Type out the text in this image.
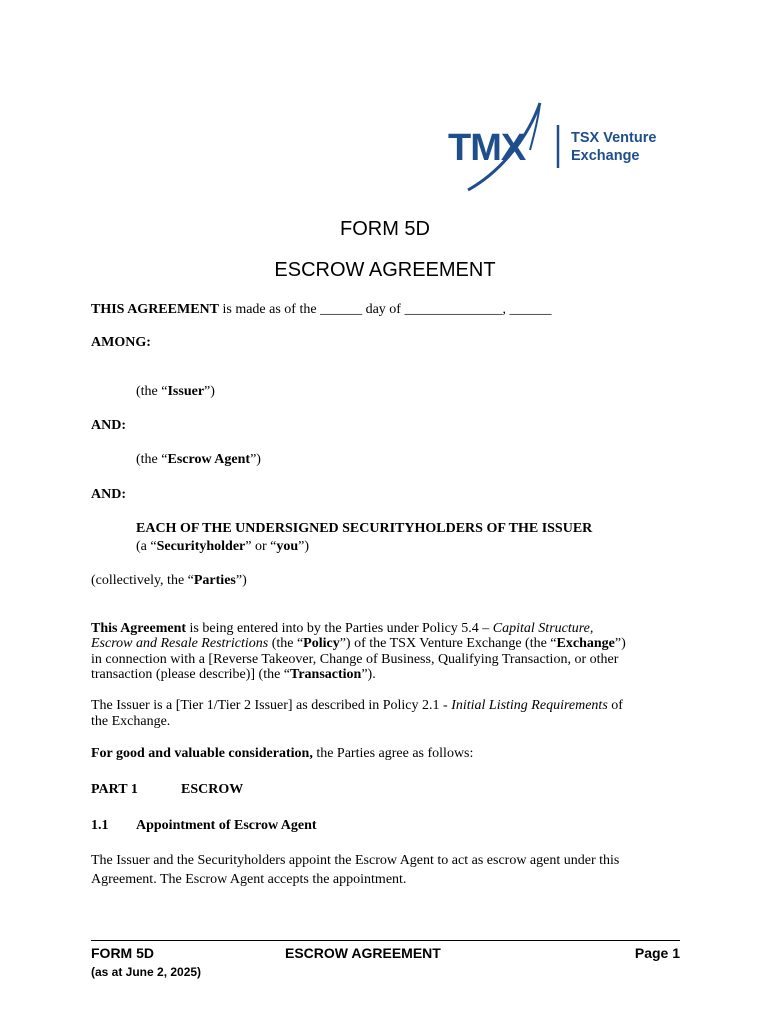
TMX	TSX Venture
Exchange
FORM 5D
ESCROW AGREEMENT
THIS AGREEMENT is made as of the ______ day of ______________, ______
AMONG:
(the “Issuer”)
AND:
(the “Escrow Agent”)
AND:
EACH OF THE UNDERSIGNED SECURITYHOLDERS OF THE ISSUER
(a “Securityholder” or “you”)
(collectively, the “Parties”)
This Agreement is being entered into by the Parties under Policy 5.4 – Capital Structure,
Escrow and Resale Restrictions (the “Policy”) of the TSX Venture Exchange (the “Exchange”)
in connection with a [Reverse Takeover, Change of Business, Qualifying Transaction, or other
transaction (please describe)] (the “Transaction”).
The Issuer is a [Tier 1/Tier 2 Issuer] as described in Policy 2.1 - Initial Listing Requirements of
the Exchange.
For good and valuable consideration, the Parties agree as follows:
PART 1	ESCROW
1.1 Appointment of Escrow Agent
The Issuer and the Securityholders appoint the Escrow Agent to act as escrow agent under this
Agreement. The Escrow Agent accepts the appointment.
FORM 5D	ESCROW AGREEMENT	Page 1
(as at June 2, 2025)
